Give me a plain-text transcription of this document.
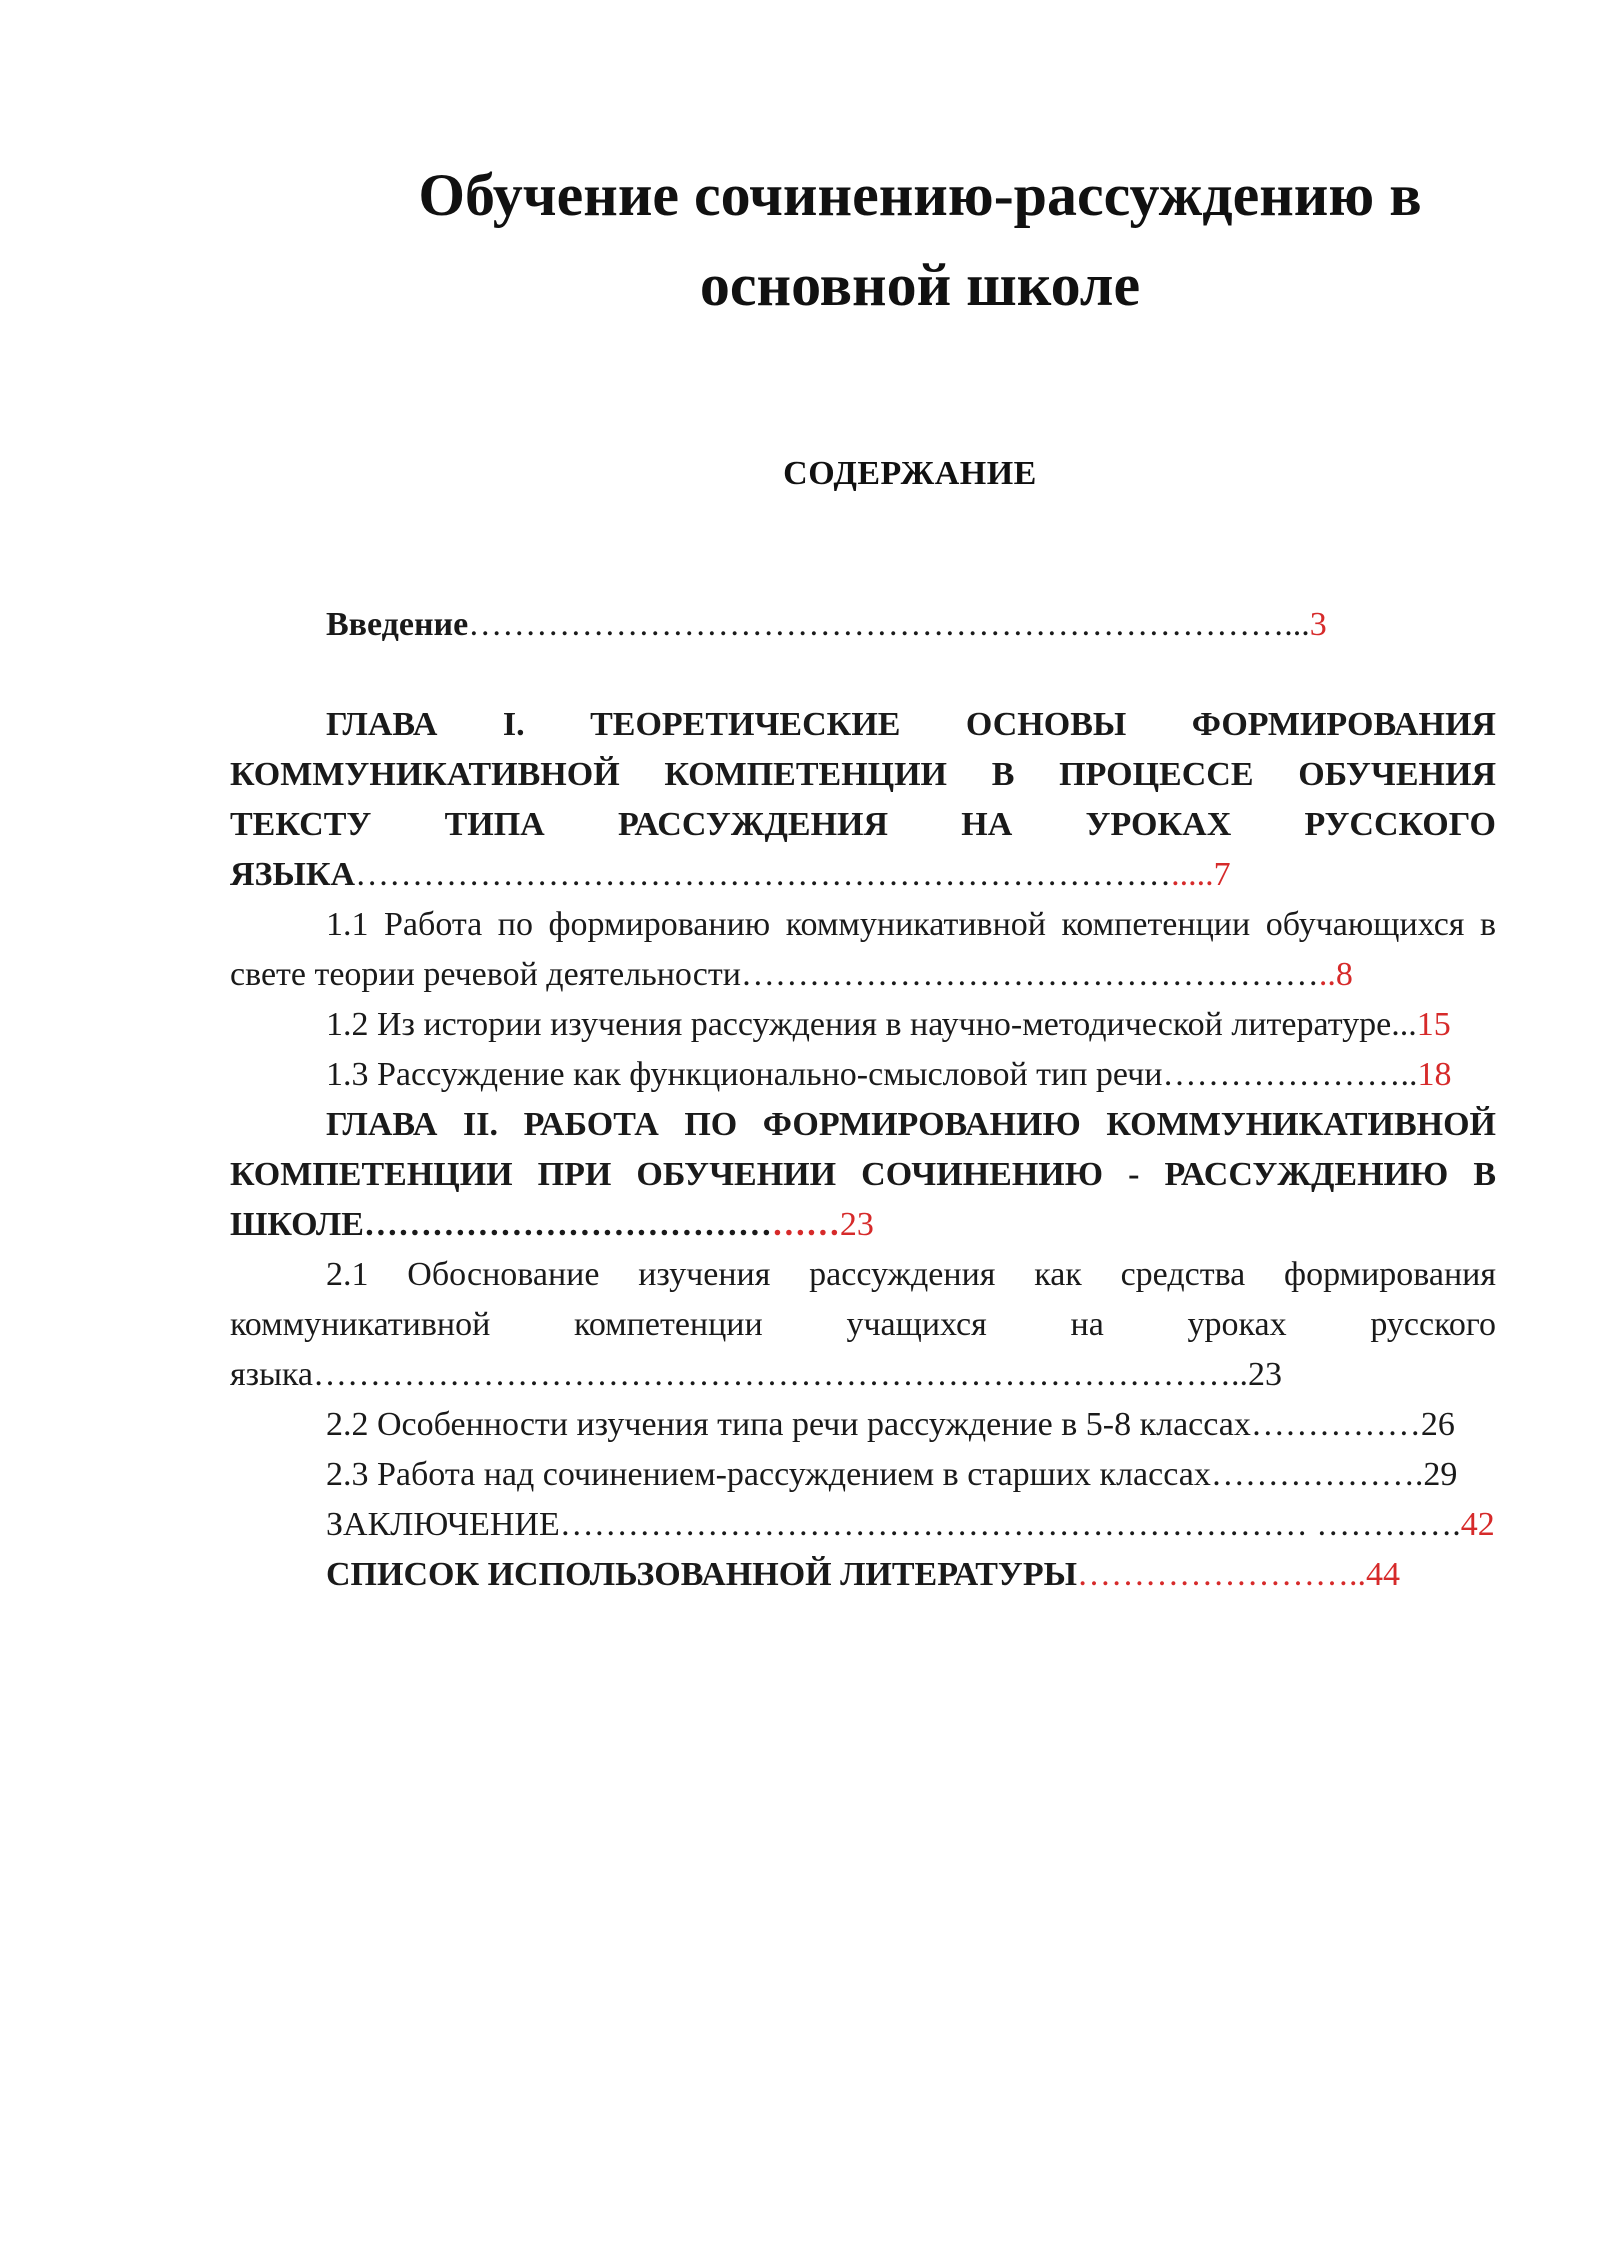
Обучение сочинению-рассуждению в
основной школе
СОДЕРЖАНИЕ

Введение………………………………………………………………...3

ГЛАВА I. ТЕОРЕТИЧЕСКИЕ ОСНОВЫ ФОРМИРОВАНИЯ КОММУНИКАТИВНОЙ КОМПЕТЕНЦИИ В ПРОЦЕССЕ ОБУЧЕНИЯ ТЕКСТУ ТИПА РАССУЖДЕНИЯ НА УРОКАХ РУССКОГО ЯЗЫКА……………………………………………………………….....7

1.1 Работа по формированию коммуникативной компетенции обучающихся в свете теории речевой деятельности……………………………………………..8

1.2 Из истории изучения рассуждения в научно-методической литературе...15

1.3 Рассуждение как функционально-смысловой тип речи…………………..18

ГЛАВА II. РАБОТА ПО ФОРМИРОВАНИЮ КОММУНИКАТИВНОЙ КОМПЕТЕНЦИИ ПРИ ОБУЧЕНИИ СОЧИНЕНИЮ - РАССУЖДЕНИЮ В ШКОЛЕ……………………………………23

2.1 Обоснование изучения рассуждения как средства формирования коммуникативной компетенции учащихся на уроках русского языка………………………………………………………………………..23

2.2 Особенности изучения типа речи рассуждение в 5-8 классах……………26

2.3 Работа над сочинением-рассуждением в старших классах……………….29

ЗАКЛЮЧЕНИЕ………………………………………………………… ………….42

СПИСОК ИСПОЛЬЗОВАННОЙ ЛИТЕРАТУРЫ……………………..44
